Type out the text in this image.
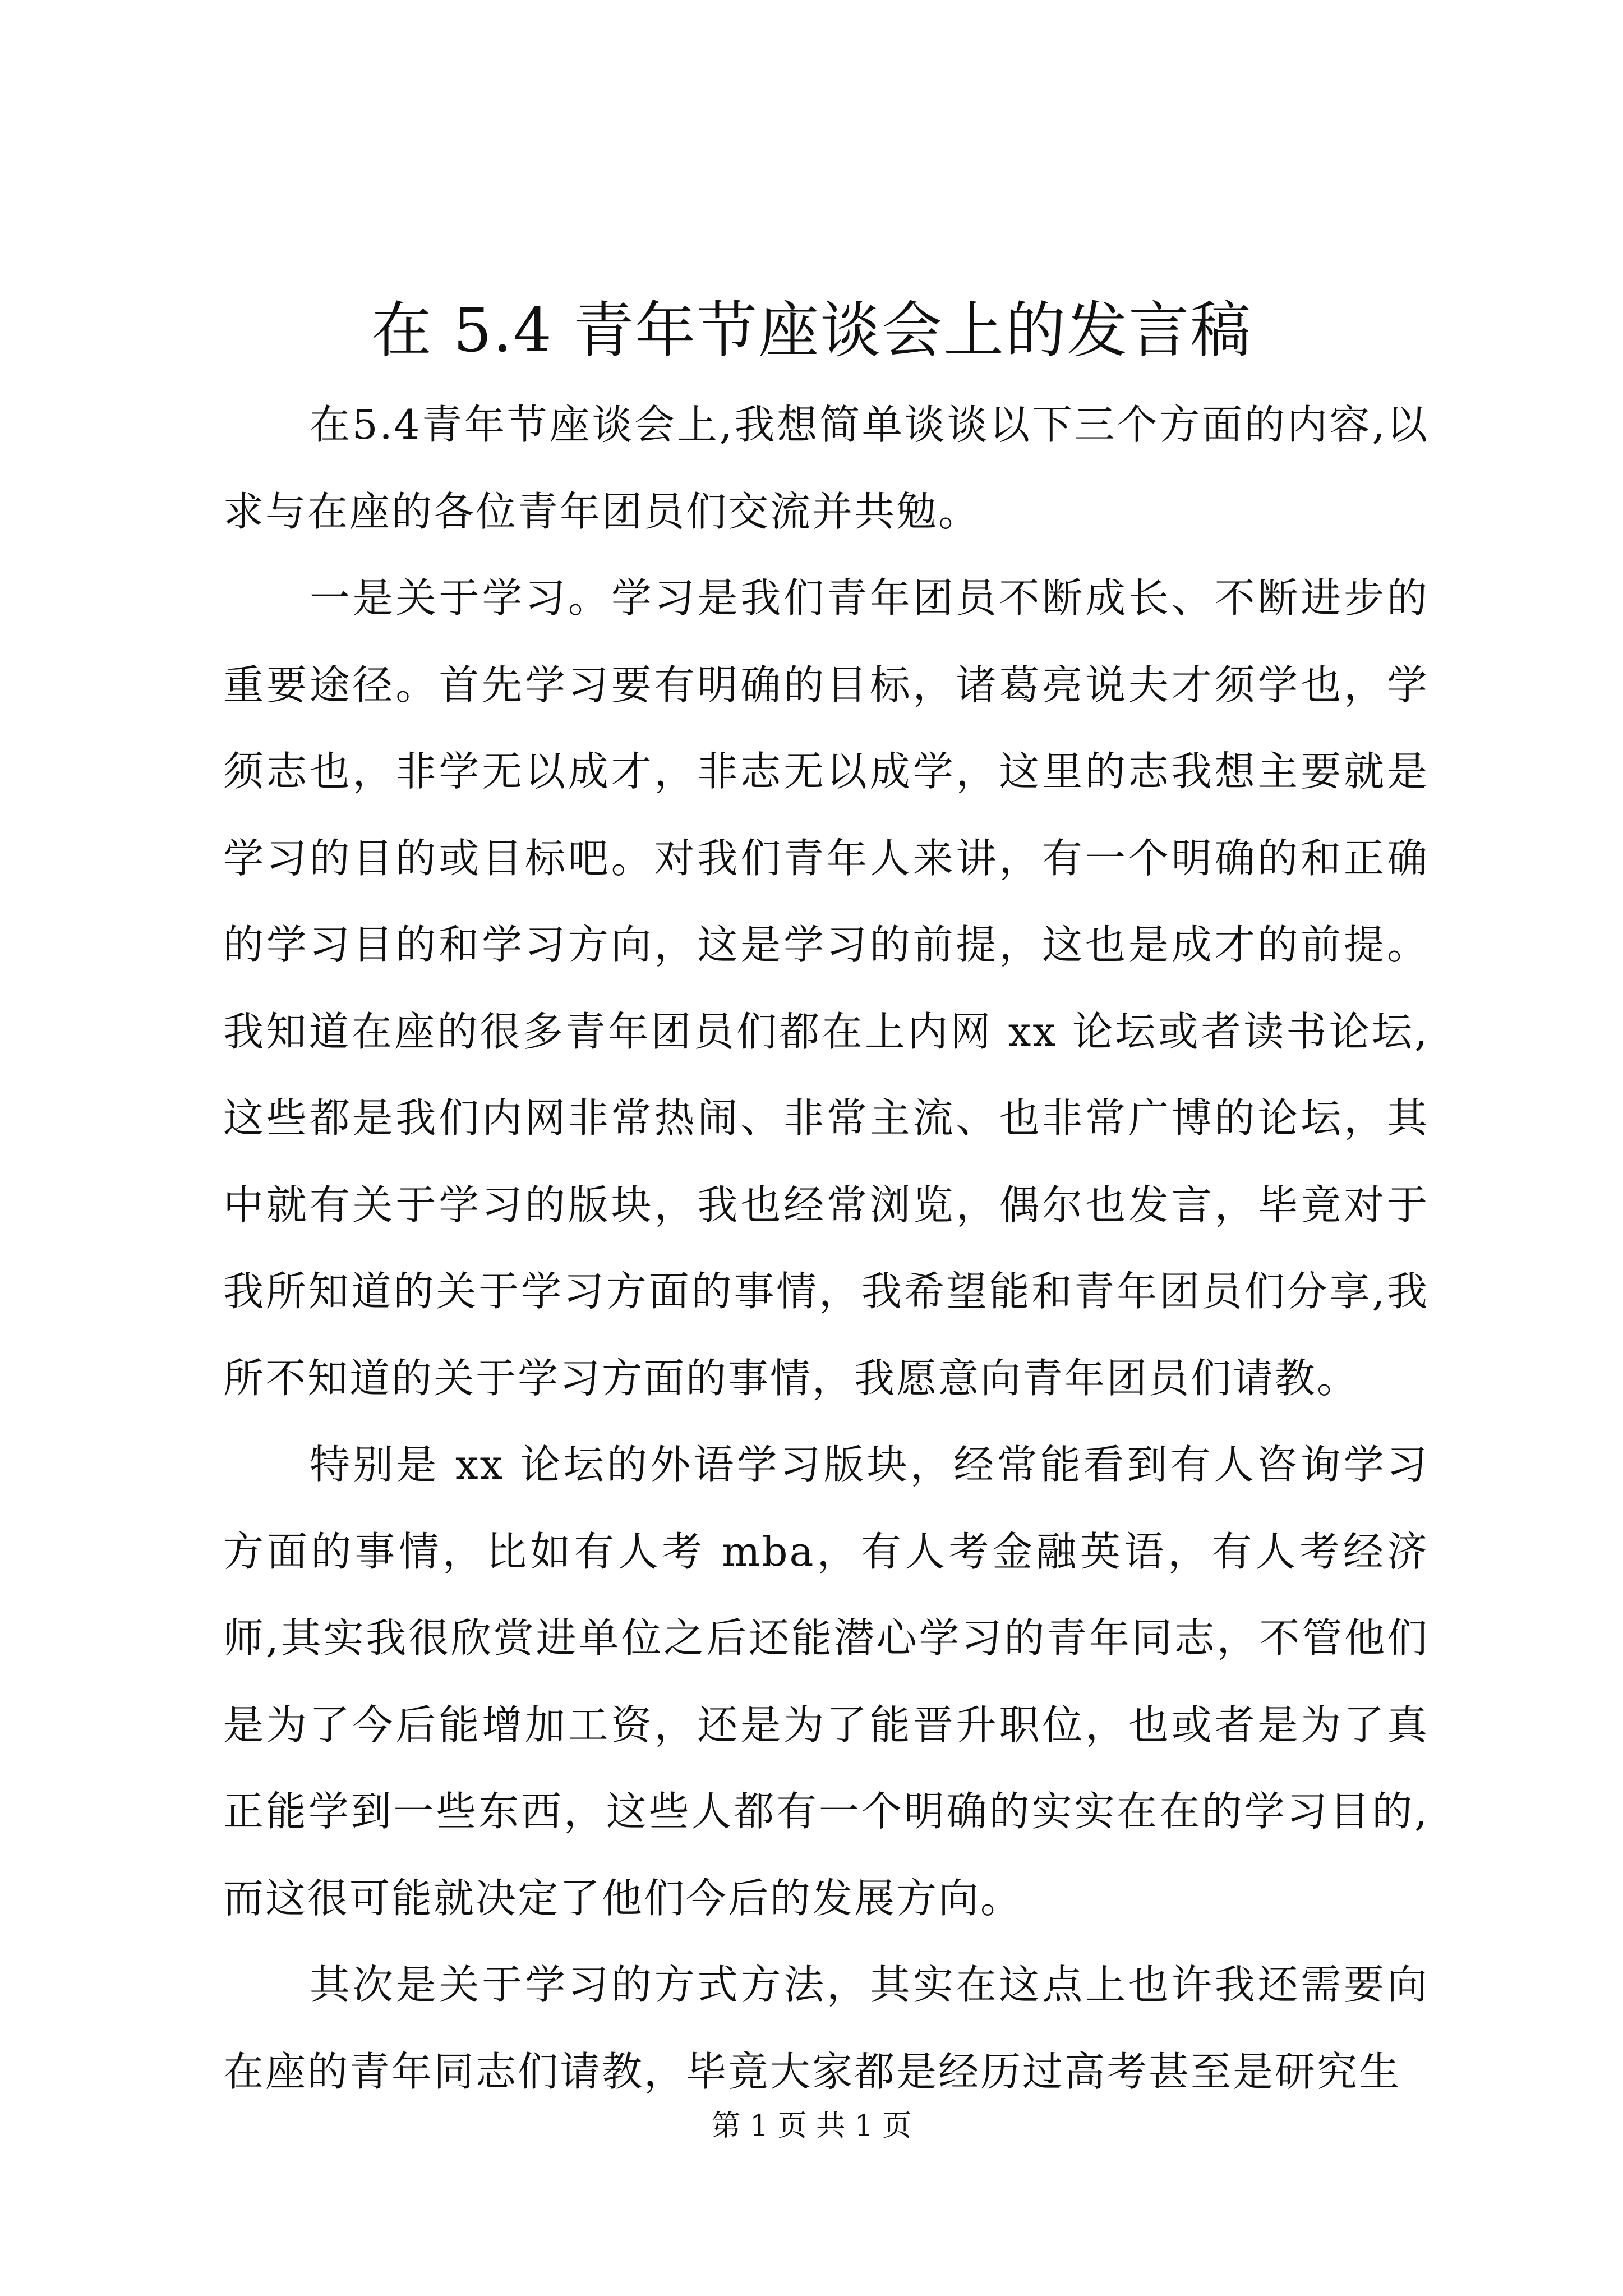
在 5.4 青年节座谈会上的发言稿

在5.4青年节座谈会上,我想简单谈谈以下三个方面的内容,以求与在座的各位青年团员们交流并共勉。

一是关于学习。学习是我们青年团员不断成长、不断进步的重要途径。首先学习要有明确的目标，诸葛亮说夫才须学也，学须志也，非学无以成才，非志无以成学，这里的志我想主要就是学习的目的或目标吧。对我们青年人来讲，有一个明确的和正确的学习目的和学习方向，这是学习的前提，这也是成才的前提。我知道在座的很多青年团员们都在上内网 xx 论坛或者读书论坛,这些都是我们内网非常热闹、非常主流、也非常广博的论坛，其中就有关于学习的版块，我也经常浏览，偶尔也发言，毕竟对于我所知道的关于学习方面的事情，我希望能和青年团员们分享,我所不知道的关于学习方面的事情，我愿意向青年团员们请教。

特别是 xx 论坛的外语学习版块，经常能看到有人咨询学习方面的事情，比如有人考 mba，有人考金融英语，有人考经济师,其实我很欣赏进单位之后还能潜心学习的青年同志，不管他们是为了今后能增加工资，还是为了能晋升职位，也或者是为了真正能学到一些东西，这些人都有一个明确的实实在在的学习目的,而这很可能就决定了他们今后的发展方向。

其次是关于学习的方式方法，其实在这点上也许我还需要向在座的青年同志们请教，毕竟大家都是经历过高考甚至是研究生

第 1 页 共 1 页
